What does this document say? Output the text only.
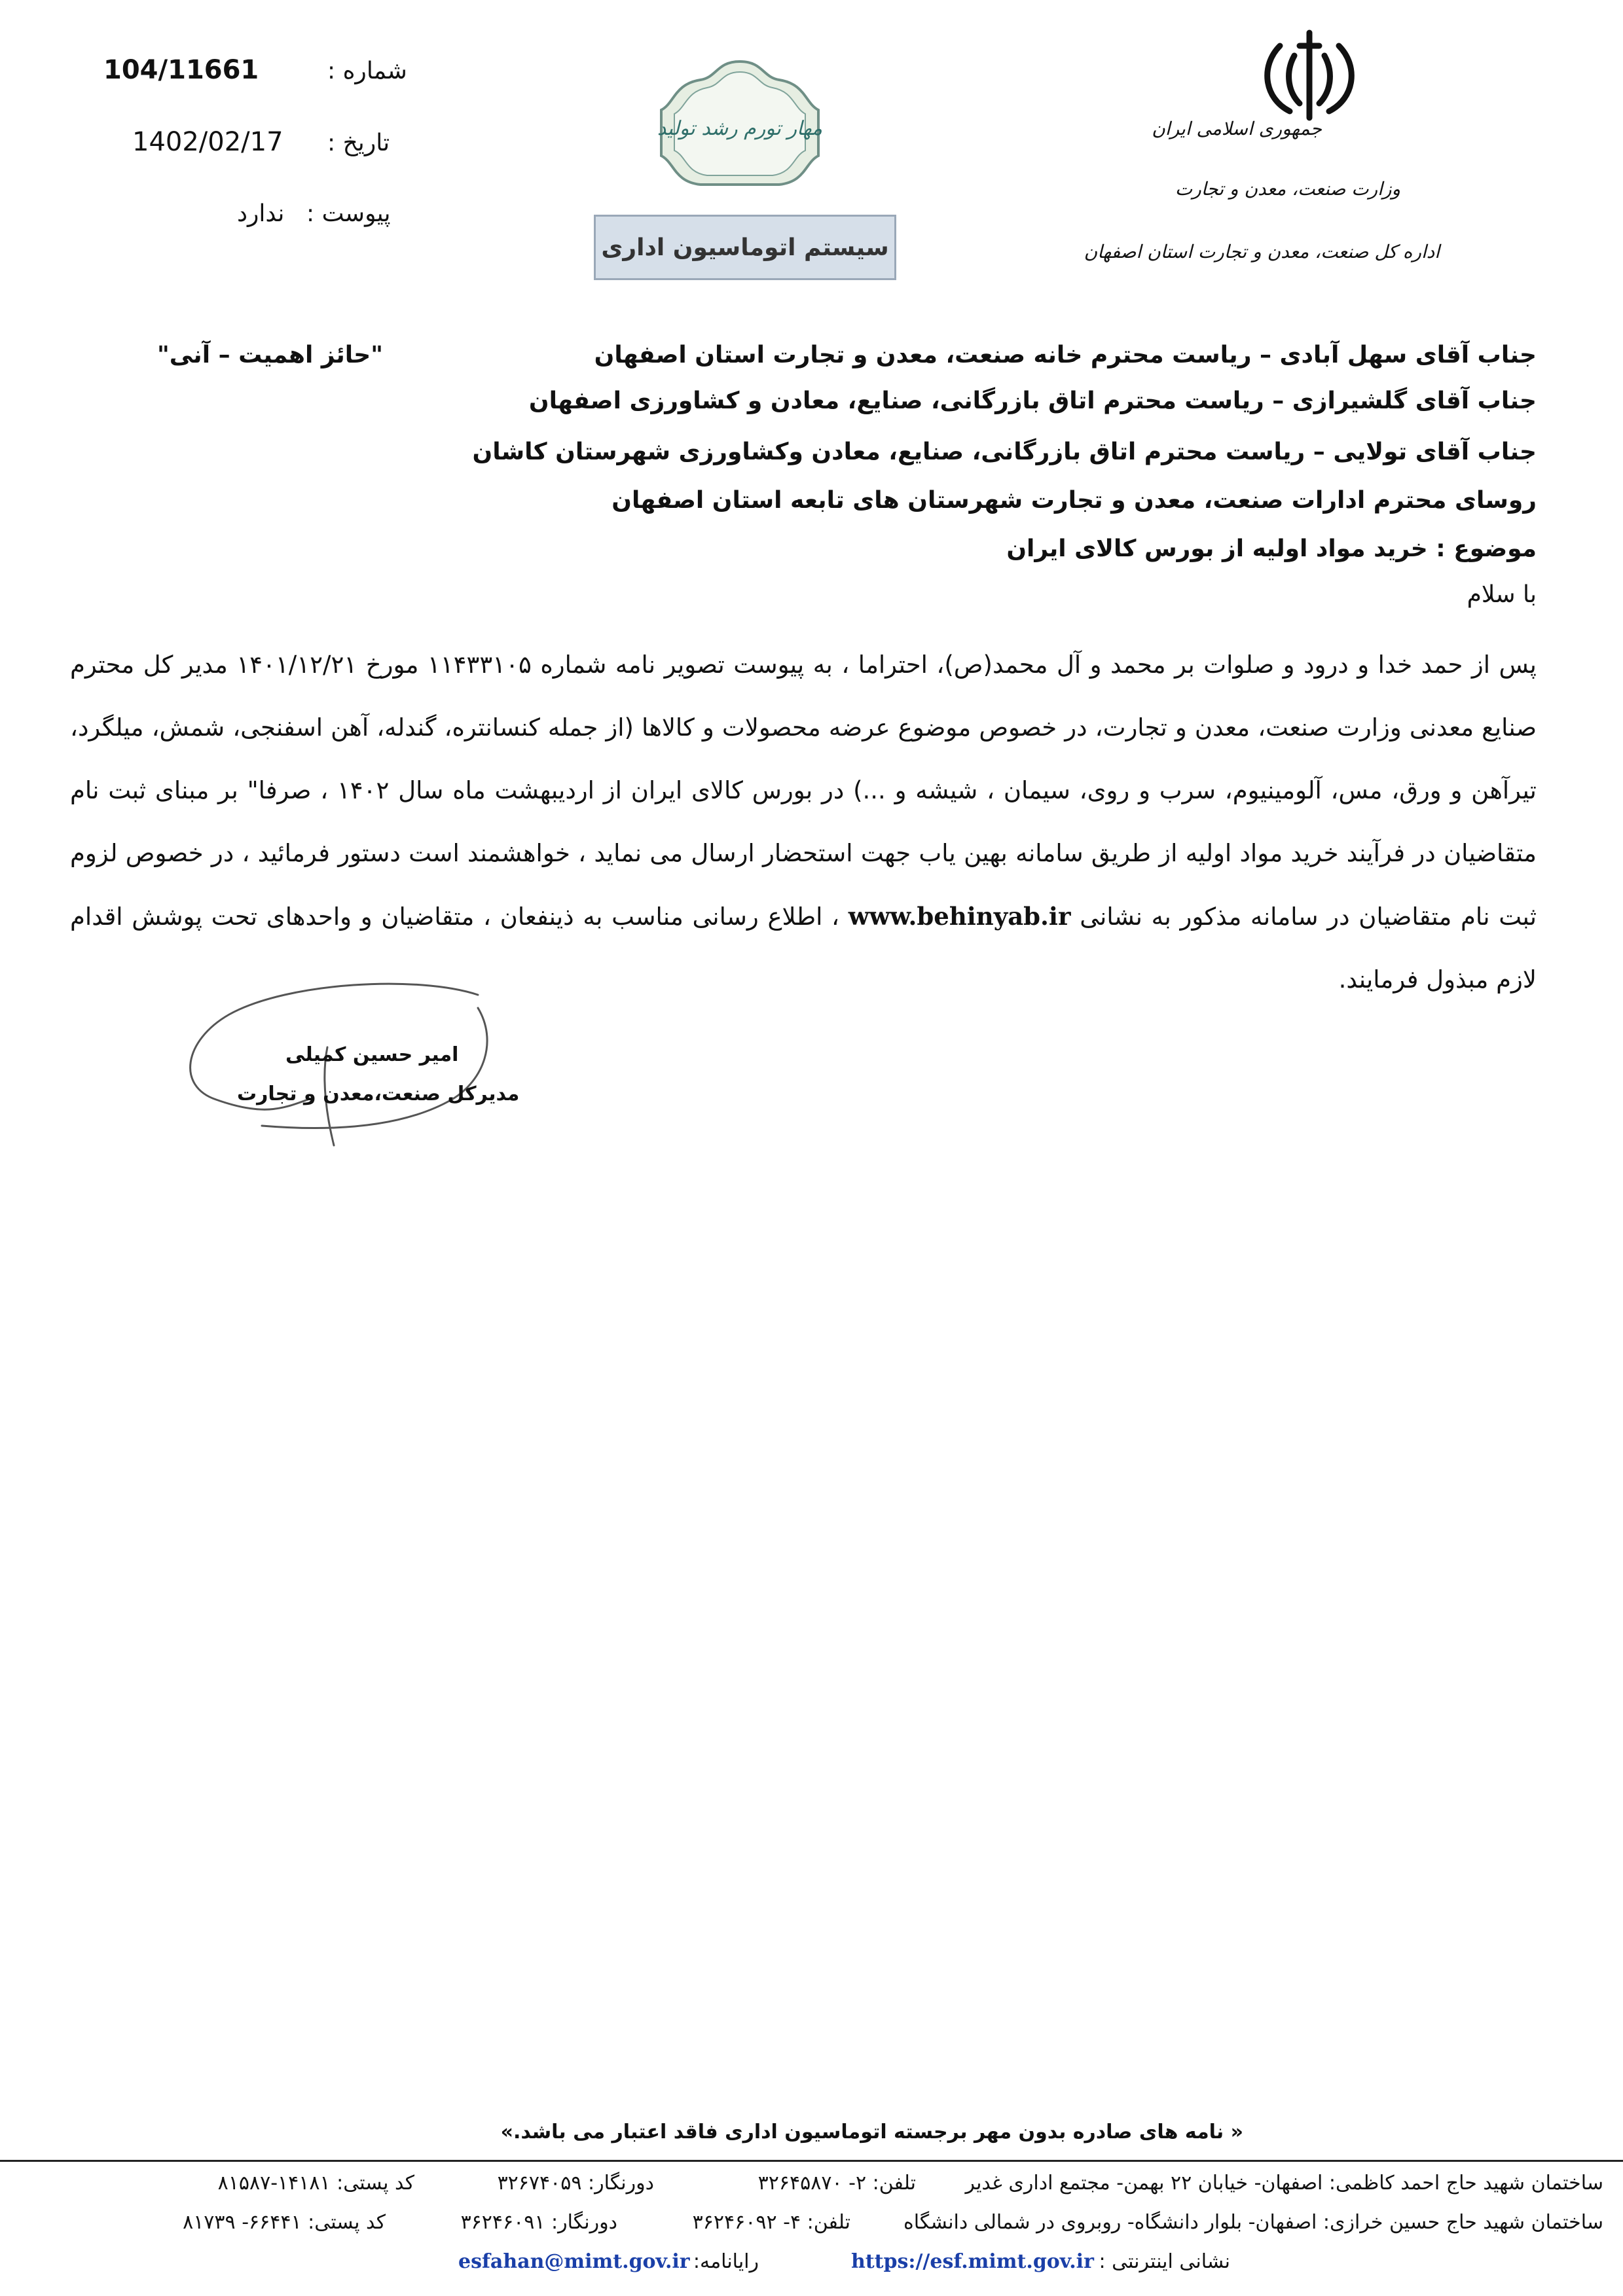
جمهوری اسلامی ایران
وزارت صنعت، معدن و تجارت
اداره کل صنعت، معدن و تجارت استان اصفهان
مهار تورم رشد تولید
سیستم اتوماسیون اداری
شماره :
104/11661
تاریخ :
1402/02/17
پیوست :
ندارد
"حائز اهمیت – آنی"	جناب آقای سهل آبادی – ریاست محترم خانه صنعت، معدن و تجارت استان اصفهان
جناب آقای گلشیرازی – ریاست محترم اتاق بازرگانی، صنایع، معادن و کشاورزی اصفهان
جناب آقای تولایی – ریاست محترم اتاق بازرگانی، صنایع، معادن وکشاورزی شهرستان کاشان
روسای محترم ادارات صنعت، معدن و تجارت شهرستان های تابعه استان اصفهان
موضوع : خرید مواد اولیه از بورس کالای ایران
با سلام
پس از حمد خدا و درود و صلوات بر محمد و آل محمد(ص)، احتراما ، به پیوست تصویر نامه شماره ۱۱۴۳۳۱۰۵ مورخ ۱۴۰۱/۱۲/۲۱ مدیر کل محترم صنایع معدنی وزارت صنعت، معدن و تجارت، در خصوص موضوع عرضه محصولات و کالاها (از جمله کنسانتره، گندله، آهن اسفنجی، شمش، میلگرد، تیرآهن و ورق، مس، آلومینیوم، سرب و روی، سیمان ، شیشه و ...) در بورس کالای ایران از اردیبهشت ماه سال ۱۴۰۲ ، صرفا" بر مبنای ثبت نام متقاضیان در فرآیند خرید مواد اولیه از طریق سامانه بهین یاب جهت استحضار ارسال می نماید ، خواهشمند است دستور فرمائید ، در خصوص لزوم ثبت نام متقاضیان در سامانه مذکور به نشانی www.behinyab.ir ، اطلاع رسانی مناسب به ذینفعان ، متقاضیان و واحدهای تحت پوشش اقدام لازم مبذول فرمایند.
امیر حسین کمیلی
مدیرکل صنعت،معدن و تجارت
« نامه های صادره بدون مهر برجسته اتوماسیون اداری فاقد اعتبار می باشد.»
ساختمان شهید حاج احمد کاظمی: اصفهان- خیابان ۲۲ بهمن- مجتمع اداری غدیر
تلفن: ۲- ۳۲۶۴۵۸۷۰
دورنگار: ۳۲۶۷۴۰۵۹
کد پستی: ۱۴۱۸۱-۸۱۵۸۷
ساختمان شهید حاج حسین خرازی: اصفهان- بلوار دانشگاه- روبروی در شمالی دانشگاه
تلفن: ۴- ۳۶۲۴۶۰۹۲
دورنگار: ۳۶۲۴۶۰۹۱
کد پستی: ۶۶۴۴۱- ۸۱۷۳۹
نشانی اینترنتی :
https://esf.mimt.gov.ir
رایانامه:
esfahan@mimt.gov.ir
